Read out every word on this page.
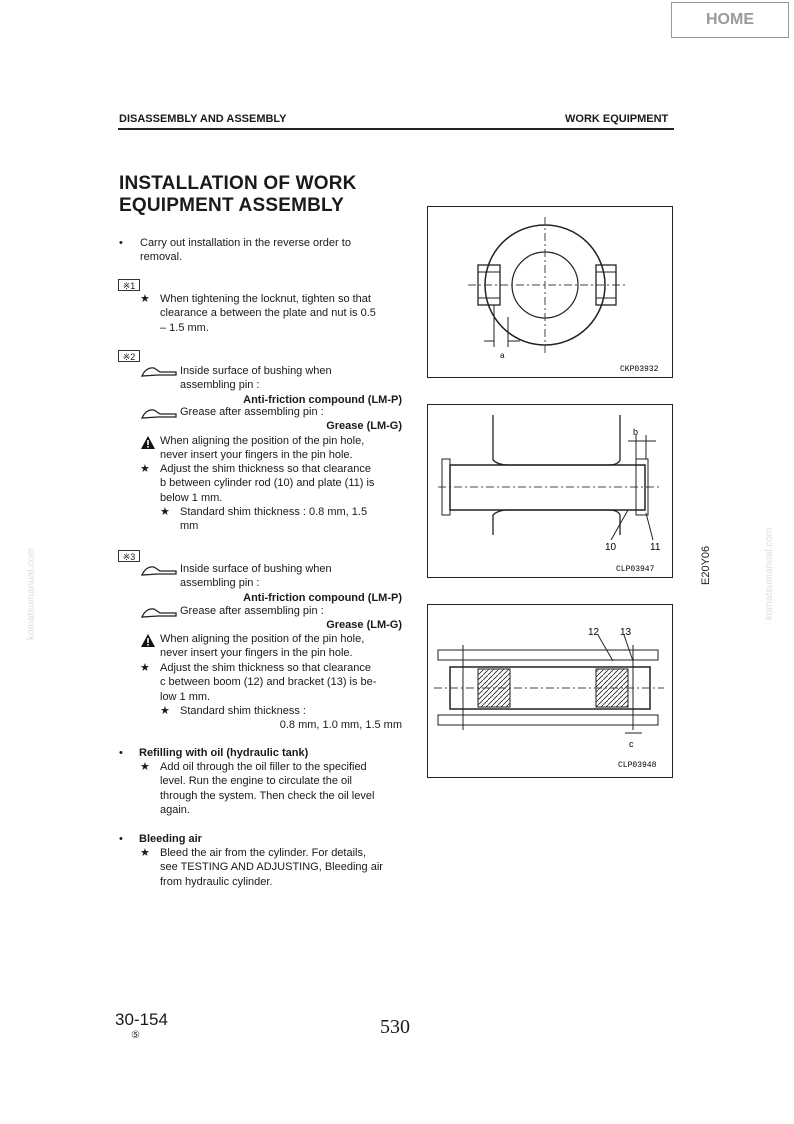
HOME
DISASSEMBLY AND ASSEMBLY	WORK EQUIPMENT
INSTALLATION OF WORK
EQUIPMENT ASSEMBLY
• Carry out installation in the reverse order to
removal.
※1
★ When tightening the locknut, tighten so that
clearance a between the plate and nut is 0.5
– 1.5 mm.
※2
Inside surface of bushing when
assembling pin :
Anti-friction compound (LM-P)
Grease after assembling pin :
Grease (LM-G)
When aligning the position of the pin hole,
never insert your fingers in the pin hole.
★ Adjust the shim thickness so that clearance
b between cylinder rod (10) and plate (11) is
below 1 mm.
★ Standard shim thickness : 0.8 mm, 1.5
mm
※3
Inside surface of bushing when
assembling pin :
Anti-friction compound (LM-P)
Grease after assembling pin :
Grease (LM-G)
When aligning the position of the pin hole,
never insert your fingers in the pin hole.
★ Adjust the shim thickness so that clearance
c between boom (12) and bracket (13) is be-
low 1 mm.
★ Standard shim thickness :
0.8 mm, 1.0 mm, 1.5 mm
• Refilling with oil (hydraulic tank)
★ Add oil through the oil filler to the specified
level. Run the engine to circulate the oil
through the system. Then check the oil level
again.
• Bleeding air
★ Bleed the air from the cylinder. For details,
see TESTING AND ADJUSTING, Bleeding air
from hydraulic cylinder.
a
CKP03932
b
10	11
CLP03947
12 13
c
CLP03948
E20Y06
komatsumanual.com	komatsumanual.com
30-154
⑤	530
